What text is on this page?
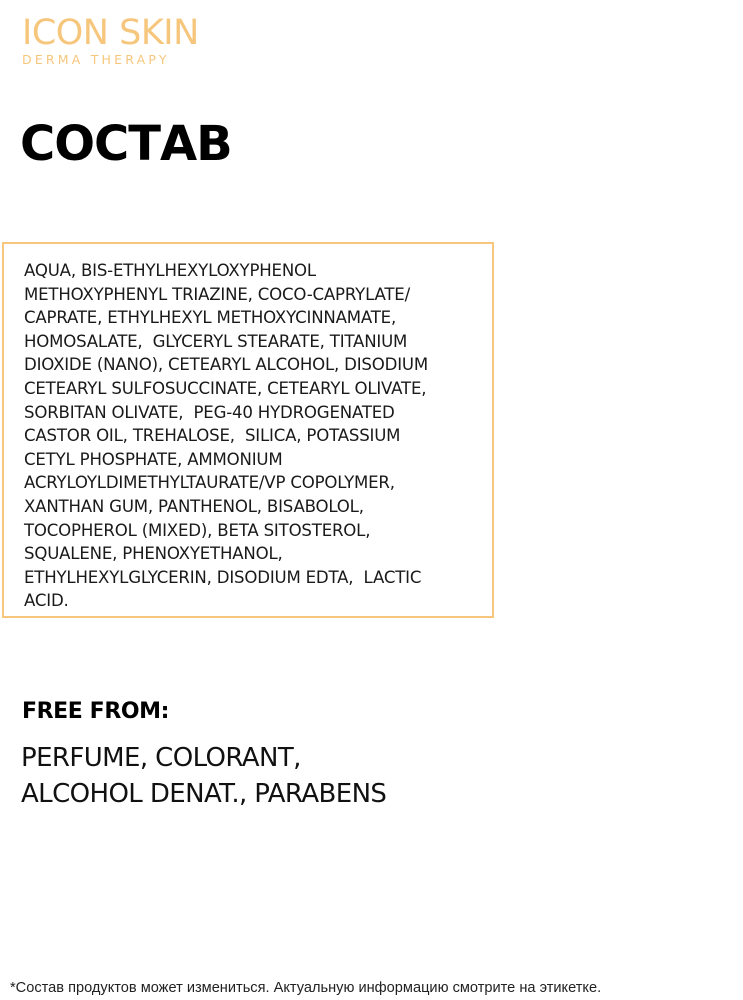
ICON SKIN
DERMA THERAPY
СОСТАВ

AQUA, BIS-ETHYLHEXYLOXYPHENOL
METHOXYPHENYL TRIAZINE, COCO-CAPRYLATE/
CAPRATE, ETHYLHEXYL METHOXYCINNAMATE,
HOMOSALATE,  GLYCERYL STEARATE, TITANIUM
DIOXIDE (NANO), CETEARYL ALCOHOL, DISODIUM
CETEARYL SULFOSUCCINATE, CETEARYL OLIVATE,
SORBITAN OLIVATE,  PEG-40 HYDROGENATED
CASTOR OIL, TREHALOSE,  SILICA, POTASSIUM
CETYL PHOSPHATE, AMMONIUM
ACRYLOYLDIMETHYLTAURATE/VP COPOLYMER,
XANTHAN GUM, PANTHENOL, BISABOLOL,
TOCOPHEROL (MIXED), BETA SITOSTEROL,
SQUALENE, PHENOXYETHANOL,
ETHYLHEXYLGLYCERIN, DISODIUM EDTA,  LACTIC
ACID.

FREE FROM:

PERFUME, COLORANT,
ALCOHOL DENAT., PARABENS

*Состав продуктов может измениться. Актуальную информацию смотрите на этикетке.
